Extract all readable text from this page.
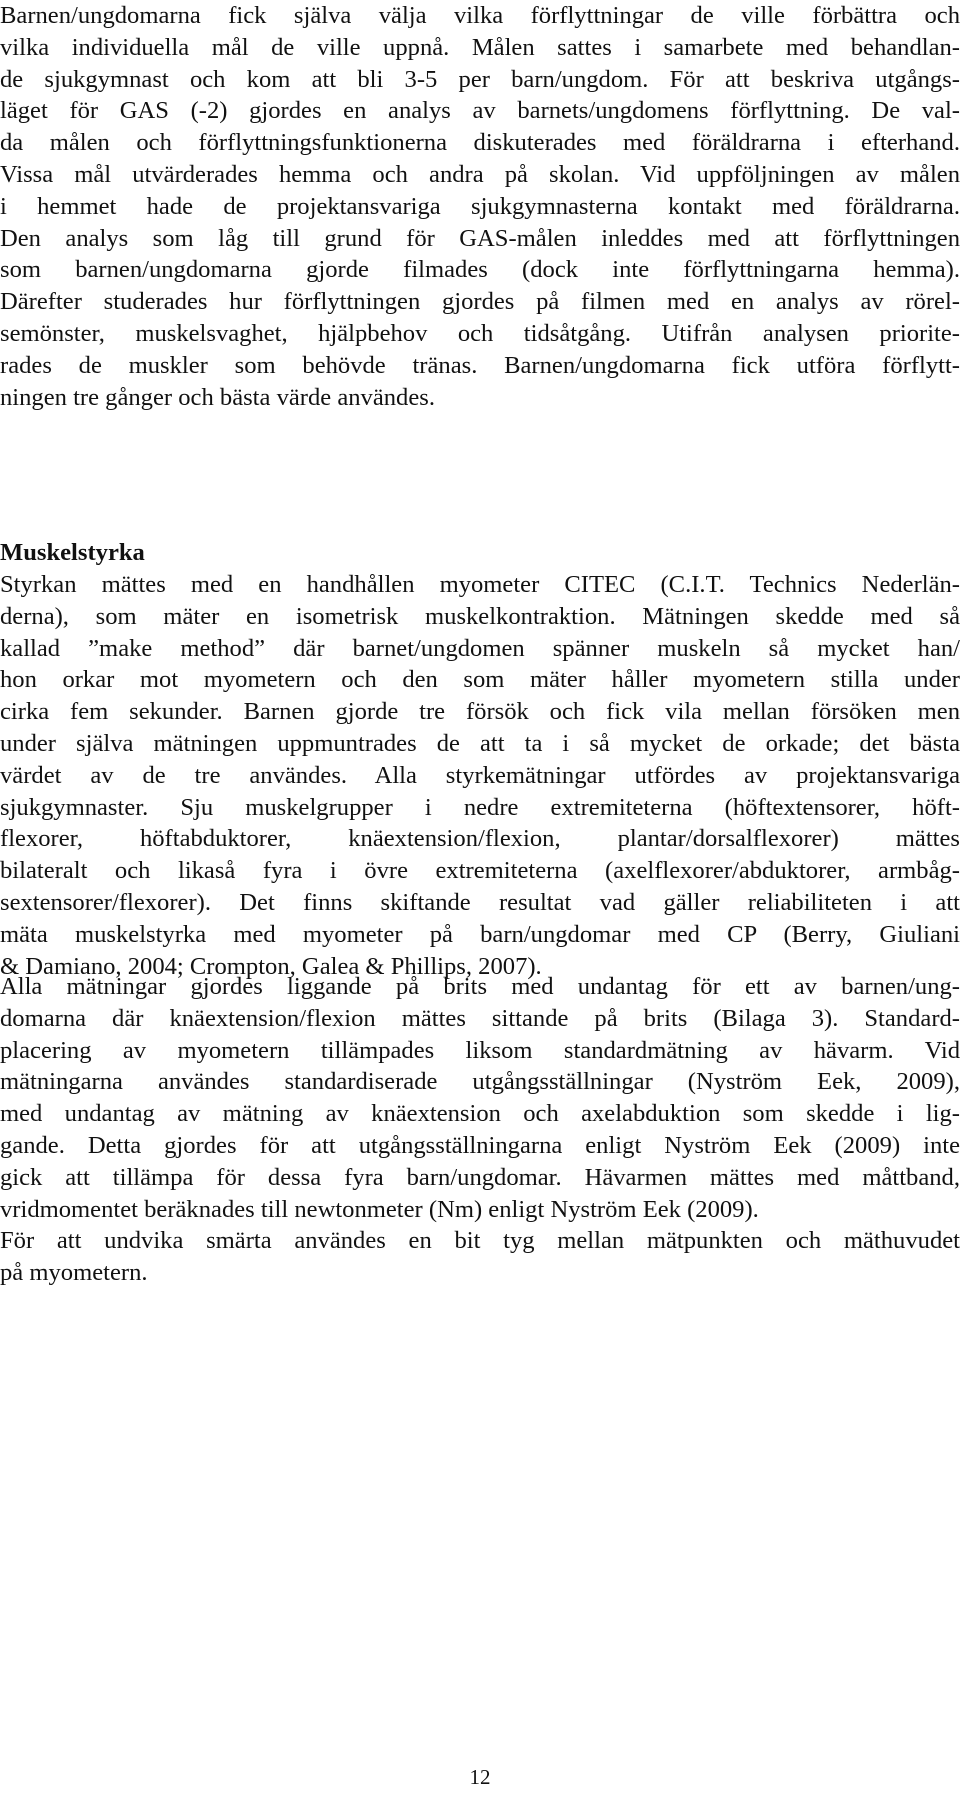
Barnen/ungdomarna fick själva välja vilka förflyttningar de ville förbättra och
vilka individuella mål de ville uppnå. Målen sattes i samarbete med behandlan-
de sjukgymnast och kom att bli 3-5 per barn/ungdom. För att beskriva utgångs-
läget för GAS (-2) gjordes en analys av barnets/ungdomens förflyttning. De val-
da målen och förflyttningsfunktionerna diskuterades med föräldrarna i efterhand.
Vissa mål utvärderades hemma och andra på skolan. Vid uppföljningen av målen
i hemmet hade de projektansvariga sjukgymnasterna kontakt med föräldrarna.
Den analys som låg till grund för GAS-målen inleddes med att förflyttningen
som barnen/ungdomarna gjorde filmades (dock inte förflyttningarna hemma).
Därefter studerades hur förflyttningen gjordes på filmen med en analys av rörel-
semönster, muskelsvaghet, hjälpbehov och tidsåtgång. Utifrån analysen priorite-
rades de muskler som behövde tränas. Barnen/ungdomarna fick utföra förflytt-
ningen tre gånger och bästa värde användes.
Muskelstyrka
Styrkan mättes med en handhållen myometer CITEC (C.I.T. Technics Nederlän-
derna), som mäter en isometrisk muskelkontraktion. Mätningen skedde med så
kallad ”make method” där barnet/ungdomen spänner muskeln så mycket han/
hon orkar mot myometern och den som mäter håller myometern stilla under
cirka fem sekunder. Barnen gjorde tre försök och fick vila mellan försöken men
under själva mätningen uppmuntrades de att ta i så mycket de orkade; det bästa
värdet av de tre användes. Alla styrkemätningar utfördes av projektansvariga
sjukgymnaster. Sju muskelgrupper i nedre extremiteterna (höftextensorer, höft-
flexorer, höftabduktorer, knäextension/flexion, plantar/dorsalflexorer) mättes
bilateralt och likaså fyra i övre extremiteterna (axelflexorer/abduktorer, armbåg-
sextensorer/flexorer). Det finns skiftande resultat vad gäller reliabiliteten i att
mäta muskelstyrka med myometer på barn/ungdomar med CP (Berry, Giuliani
& Damiano, 2004; Crompton, Galea & Phillips, 2007).
Alla mätningar gjordes liggande på brits med undantag för ett av barnen/ung-
domarna där knäextension/flexion mättes sittande på brits (Bilaga 3). Standard-
placering av myometern tillämpades liksom standardmätning av hävarm. Vid
mätningarna användes standardiserade utgångsställningar (Nyström Eek, 2009),
med undantag av mätning av knäextension och axelabduktion som skedde i lig-
gande. Detta gjordes för att utgångsställningarna enligt Nyström Eek (2009) inte
gick att tillämpa för dessa fyra barn/ungdomar. Hävarmen mättes med måttband,
vridmomentet beräknades till newtonmeter (Nm) enligt Nyström Eek (2009).
För att undvika smärta användes en bit tyg mellan mätpunkten och mäthuvudet
på myometern.
12
